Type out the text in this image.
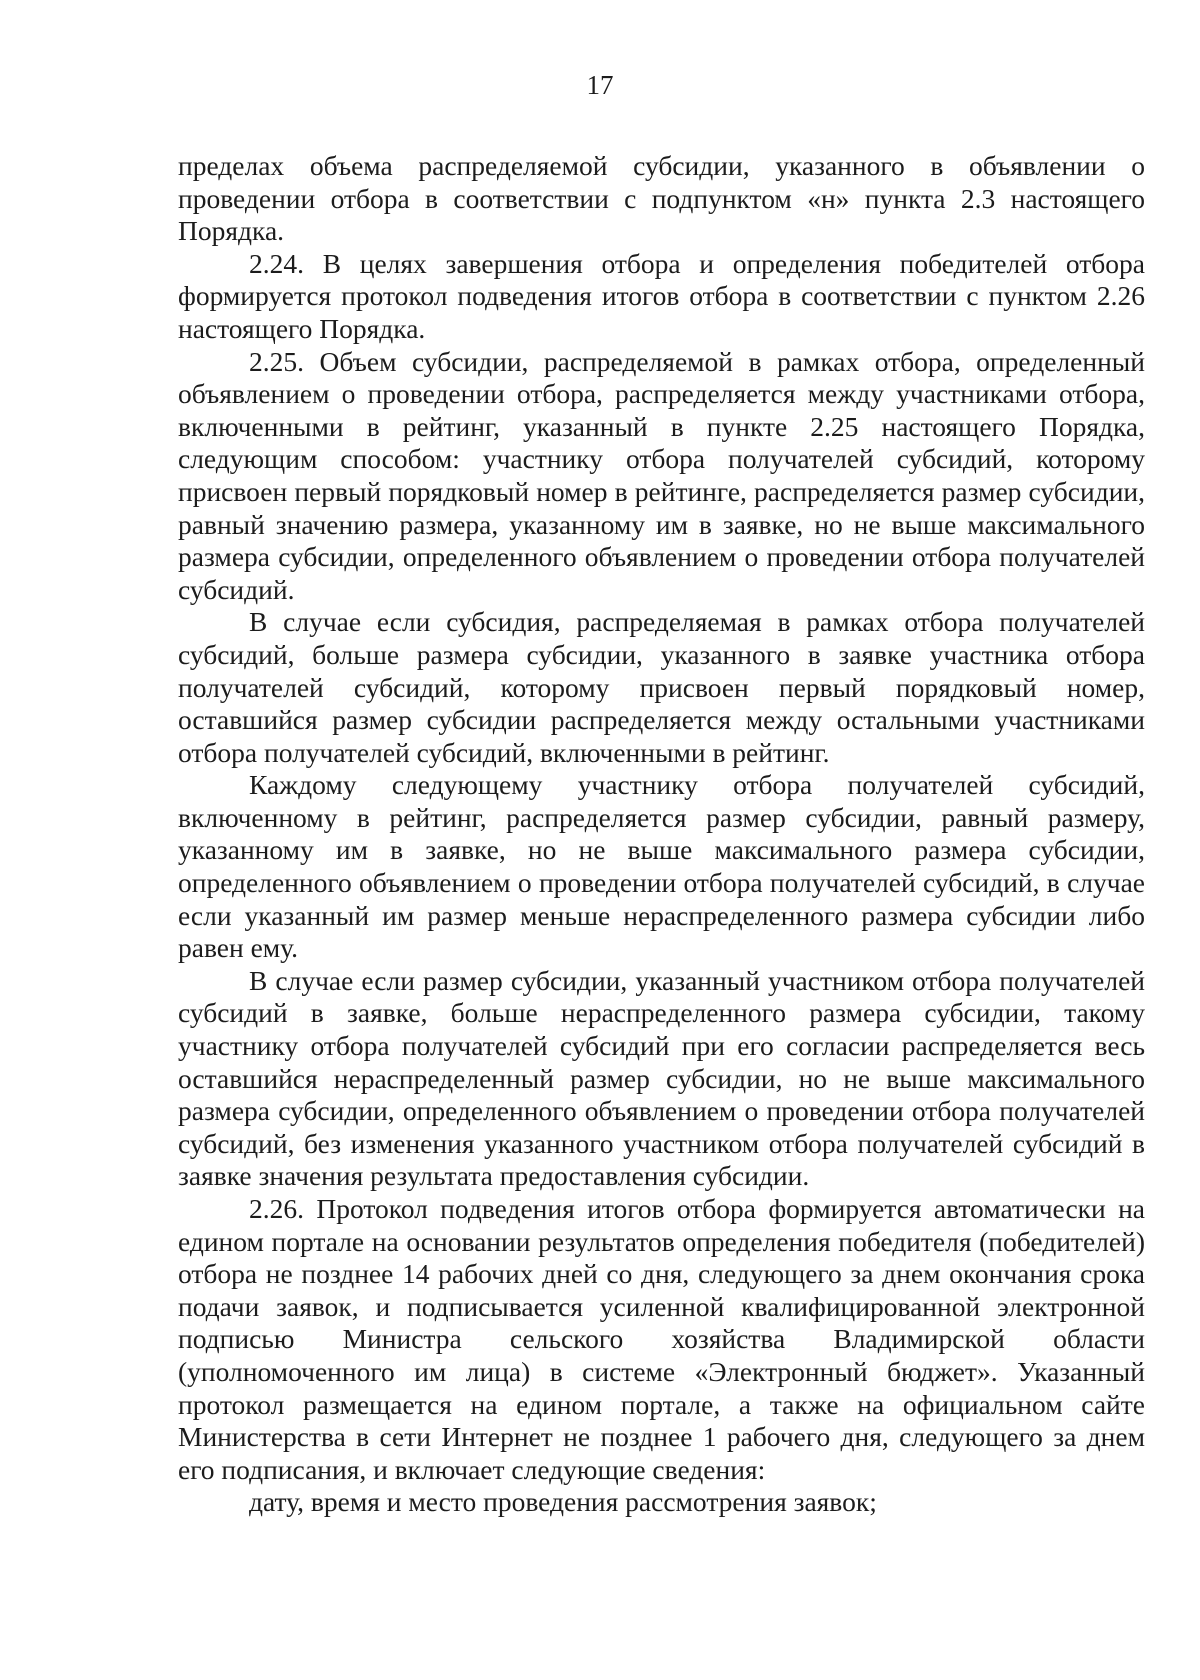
17

пределах объема распределяемой субсидии, указанного в объявлении о проведении отбора в соответствии с подпунктом «н» пункта 2.3 настоящего Порядка.

2.24. В целях завершения отбора и определения победителей отбора формируется протокол подведения итогов отбора в соответствии с пунктом 2.26 настоящего Порядка.

2.25. Объем субсидии, распределяемой в рамках отбора, определенный объявлением о проведении отбора, распределяется между участниками отбора, включенными в рейтинг, указанный в пункте 2.25 настоящего Порядка, следующим способом: участнику отбора получателей субсидий, которому присвоен первый порядковый номер в рейтинге, распределяется размер субсидии, равный значению размера, указанному им в заявке, но не выше максимального размера субсидии, определенного объявлением о проведении отбора получателей субсидий.

В случае если субсидия, распределяемая в рамках отбора получателей субсидий, больше размера субсидии, указанного в заявке участника отбора получателей субсидий, которому присвоен первый порядковый номер, оставшийся размер субсидии распределяется между остальными участниками отбора получателей субсидий, включенными в рейтинг.

Каждому следующему участнику отбора получателей субсидий, включенному в рейтинг, распределяется размер субсидии, равный размеру, указанному им в заявке, но не выше максимального размера субсидии, определенного объявлением о проведении отбора получателей субсидий, в случае если указанный им размер меньше нераспределенного размера субсидии либо равен ему.

В случае если размер субсидии, указанный участником отбора получателей субсидий в заявке, больше нераспределенного размера субсидии, такому участнику отбора получателей субсидий при его согласии распределяется весь оставшийся нераспределенный размер субсидии, но не выше максимального размера субсидии, определенного объявлением о проведении отбора получателей субсидий, без изменения указанного участником отбора получателей субсидий в заявке значения результата предоставления субсидии.

2.26. Протокол подведения итогов отбора формируется автоматически на едином портале на основании результатов определения победителя (победителей) отбора не позднее 14 рабочих дней со дня, следующего за днем окончания срока подачи заявок, и подписывается усиленной квалифицированной электронной подписью Министра сельского хозяйства Владимирской области (уполномоченного им лица) в системе «Электронный бюджет». Указанный протокол размещается на едином портале, а также на официальном сайте Министерства в сети Интернет не позднее 1 рабочего дня, следующего за днем его подписания, и включает следующие сведения:

дату, время и место проведения рассмотрения заявок;
